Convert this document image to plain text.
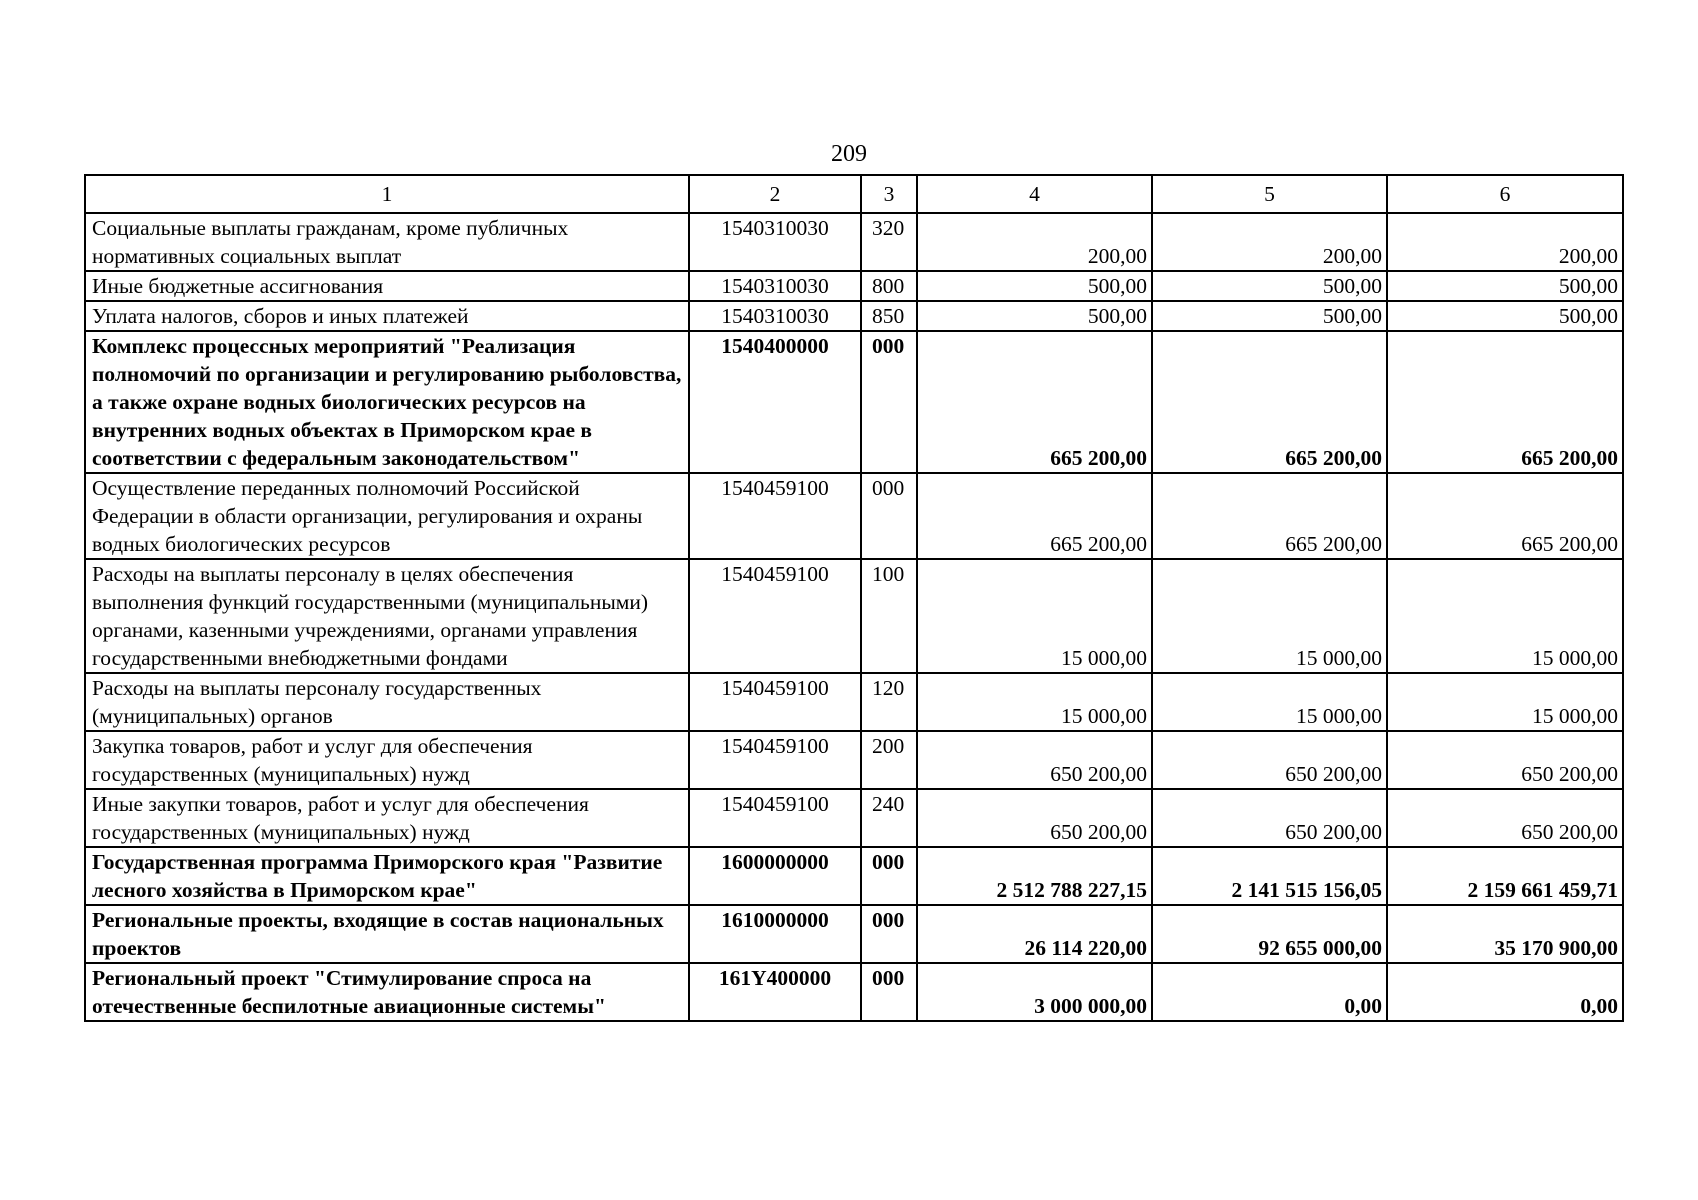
209
1	2	3	4	5	6
Социальные выплаты гражданам, кроме публичных нормативных социальных выплат	1540310030	320	200,00	200,00	200,00
Иные бюджетные ассигнования	1540310030	800	500,00	500,00	500,00
Уплата налогов, сборов и иных платежей	1540310030	850	500,00	500,00	500,00
Комплекс процессных мероприятий "Реализация полномочий по организации и регулированию рыболовства, а также охране водных биологических ресурсов на внутренних водных объектах в Приморском крае в соответствии с федеральным законодательством"	1540400000	000	665 200,00	665 200,00	665 200,00
Осуществление переданных полномочий Российской Федерации в области организации, регулирования и охраны водных биологических ресурсов	1540459100	000	665 200,00	665 200,00	665 200,00
Расходы на выплаты персоналу в целях обеспечения выполнения функций государственными (муниципальными) органами, казенными учреждениями, органами управления государственными внебюджетными фондами	1540459100	100	15 000,00	15 000,00	15 000,00
Расходы на выплаты персоналу государственных (муниципальных) органов	1540459100	120	15 000,00	15 000,00	15 000,00
Закупка товаров, работ и услуг для обеспечения государственных (муниципальных) нужд	1540459100	200	650 200,00	650 200,00	650 200,00
Иные закупки товаров, работ и услуг для обеспечения государственных (муниципальных) нужд	1540459100	240	650 200,00	650 200,00	650 200,00
Государственная программа Приморского края "Развитие лесного хозяйства в Приморском крае"	1600000000	000	2 512 788 227,15	2 141 515 156,05	2 159 661 459,71
Региональные проекты, входящие в состав национальных проектов	1610000000	000	26 114 220,00	92 655 000,00	35 170 900,00
Региональный проект "Стимулирование спроса на отечественные беспилотные авиационные системы"	161Y400000	000	3 000 000,00	0,00	0,00
